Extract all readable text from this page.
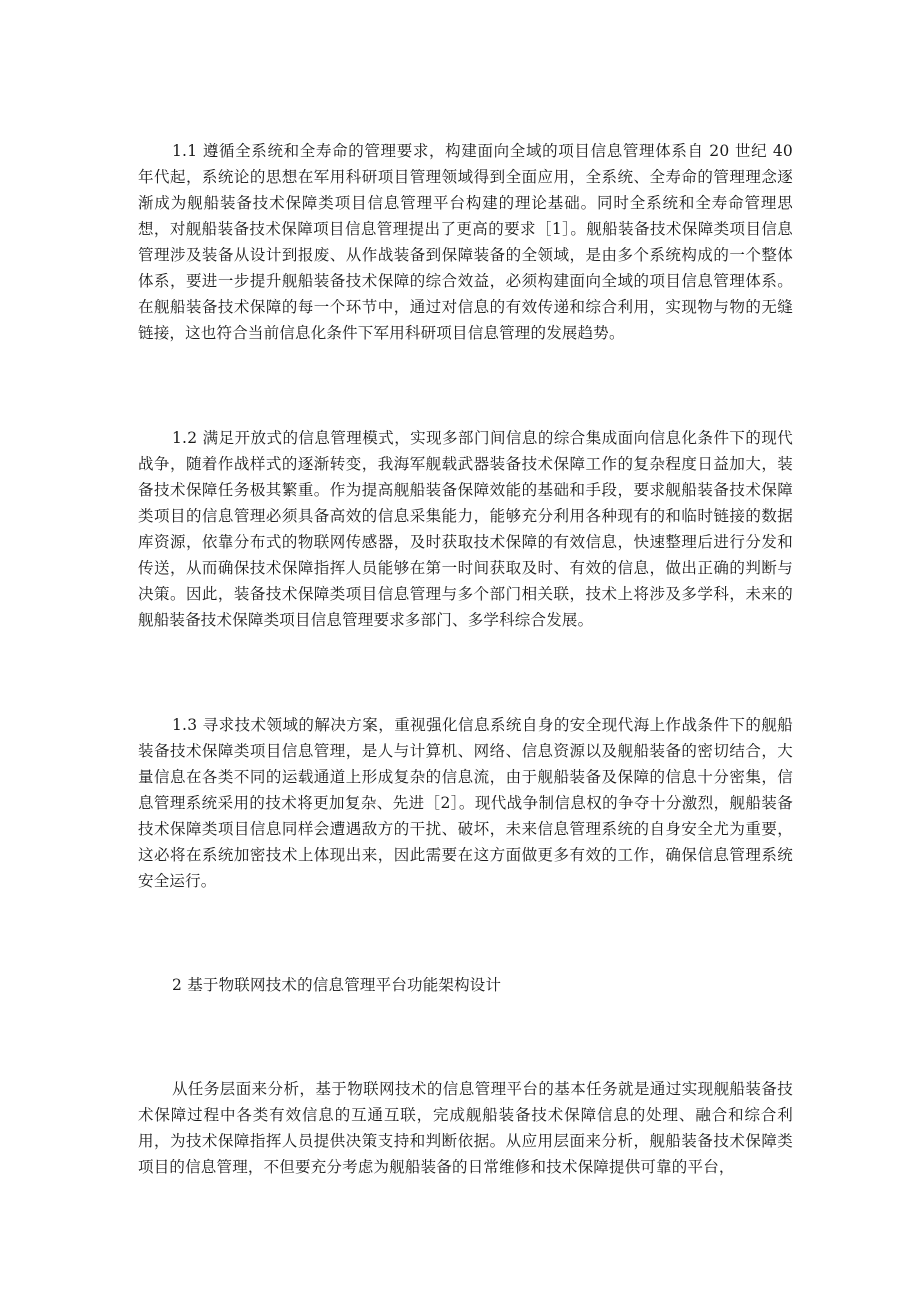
1.1 遵循全系统和全寿命的管理要求，构建面向全域的项目信息管理体系自 20 世纪 40 年代起，系统论的思想在军用科研项目管理领域得到全面应用，全系统、全寿命的管理理念逐渐成为舰船装备技术保障类项目信息管理平台构建的理论基础。同时全系统和全寿命管理思想，对舰船装备技术保障项目信息管理提出了更高的要求［1］。舰船装备技术保障类项目信息管理涉及装备从设计到报废、从作战装备到保障装备的全领域，是由多个系统构成的一个整体体系，要进一步提升舰船装备技术保障的综合效益，必须构建面向全域的项目信息管理体系。在舰船装备技术保障的每一个环节中，通过对信息的有效传递和综合利用，实现物与物的无缝链接，这也符合当前信息化条件下军用科研项目信息管理的发展趋势。

1.2 满足开放式的信息管理模式，实现多部门间信息的综合集成面向信息化条件下的现代战争，随着作战样式的逐渐转变，我海军舰载武器装备技术保障工作的复杂程度日益加大，装备技术保障任务极其繁重。作为提高舰船装备保障效能的基础和手段，要求舰船装备技术保障类项目的信息管理必须具备高效的信息采集能力，能够充分利用各种现有的和临时链接的数据库资源，依靠分布式的物联网传感器，及时获取技术保障的有效信息，快速整理后进行分发和传送，从而确保技术保障指挥人员能够在第一时间获取及时、有效的信息，做出正确的判断与决策。因此，装备技术保障类项目信息管理与多个部门相关联，技术上将涉及多学科，未来的舰船装备技术保障类项目信息管理要求多部门、多学科综合发展。

1.3 寻求技术领域的解决方案，重视强化信息系统自身的安全现代海上作战条件下的舰船装备技术保障类项目信息管理，是人与计算机、网络、信息资源以及舰船装备的密切结合，大量信息在各类不同的运载通道上形成复杂的信息流，由于舰船装备及保障的信息十分密集，信息管理系统采用的技术将更加复杂、先进［2］。现代战争制信息权的争夺十分激烈，舰船装备技术保障类项目信息同样会遭遇敌方的干扰、破坏，未来信息管理系统的自身安全尤为重要，这必将在系统加密技术上体现出来，因此需要在这方面做更多有效的工作，确保信息管理系统安全运行。

2 基于物联网技术的信息管理平台功能架构设计

从任务层面来分析，基于物联网技术的信息管理平台的基本任务就是通过实现舰船装备技术保障过程中各类有效信息的互通互联，完成舰船装备技术保障信息的处理、融合和综合利用，为技术保障指挥人员提供决策支持和判断依据。从应用层面来分析，舰船装备技术保障类项目的信息管理，不但要充分考虑为舰船装备的日常维修和技术保障提供可靠的平台，
